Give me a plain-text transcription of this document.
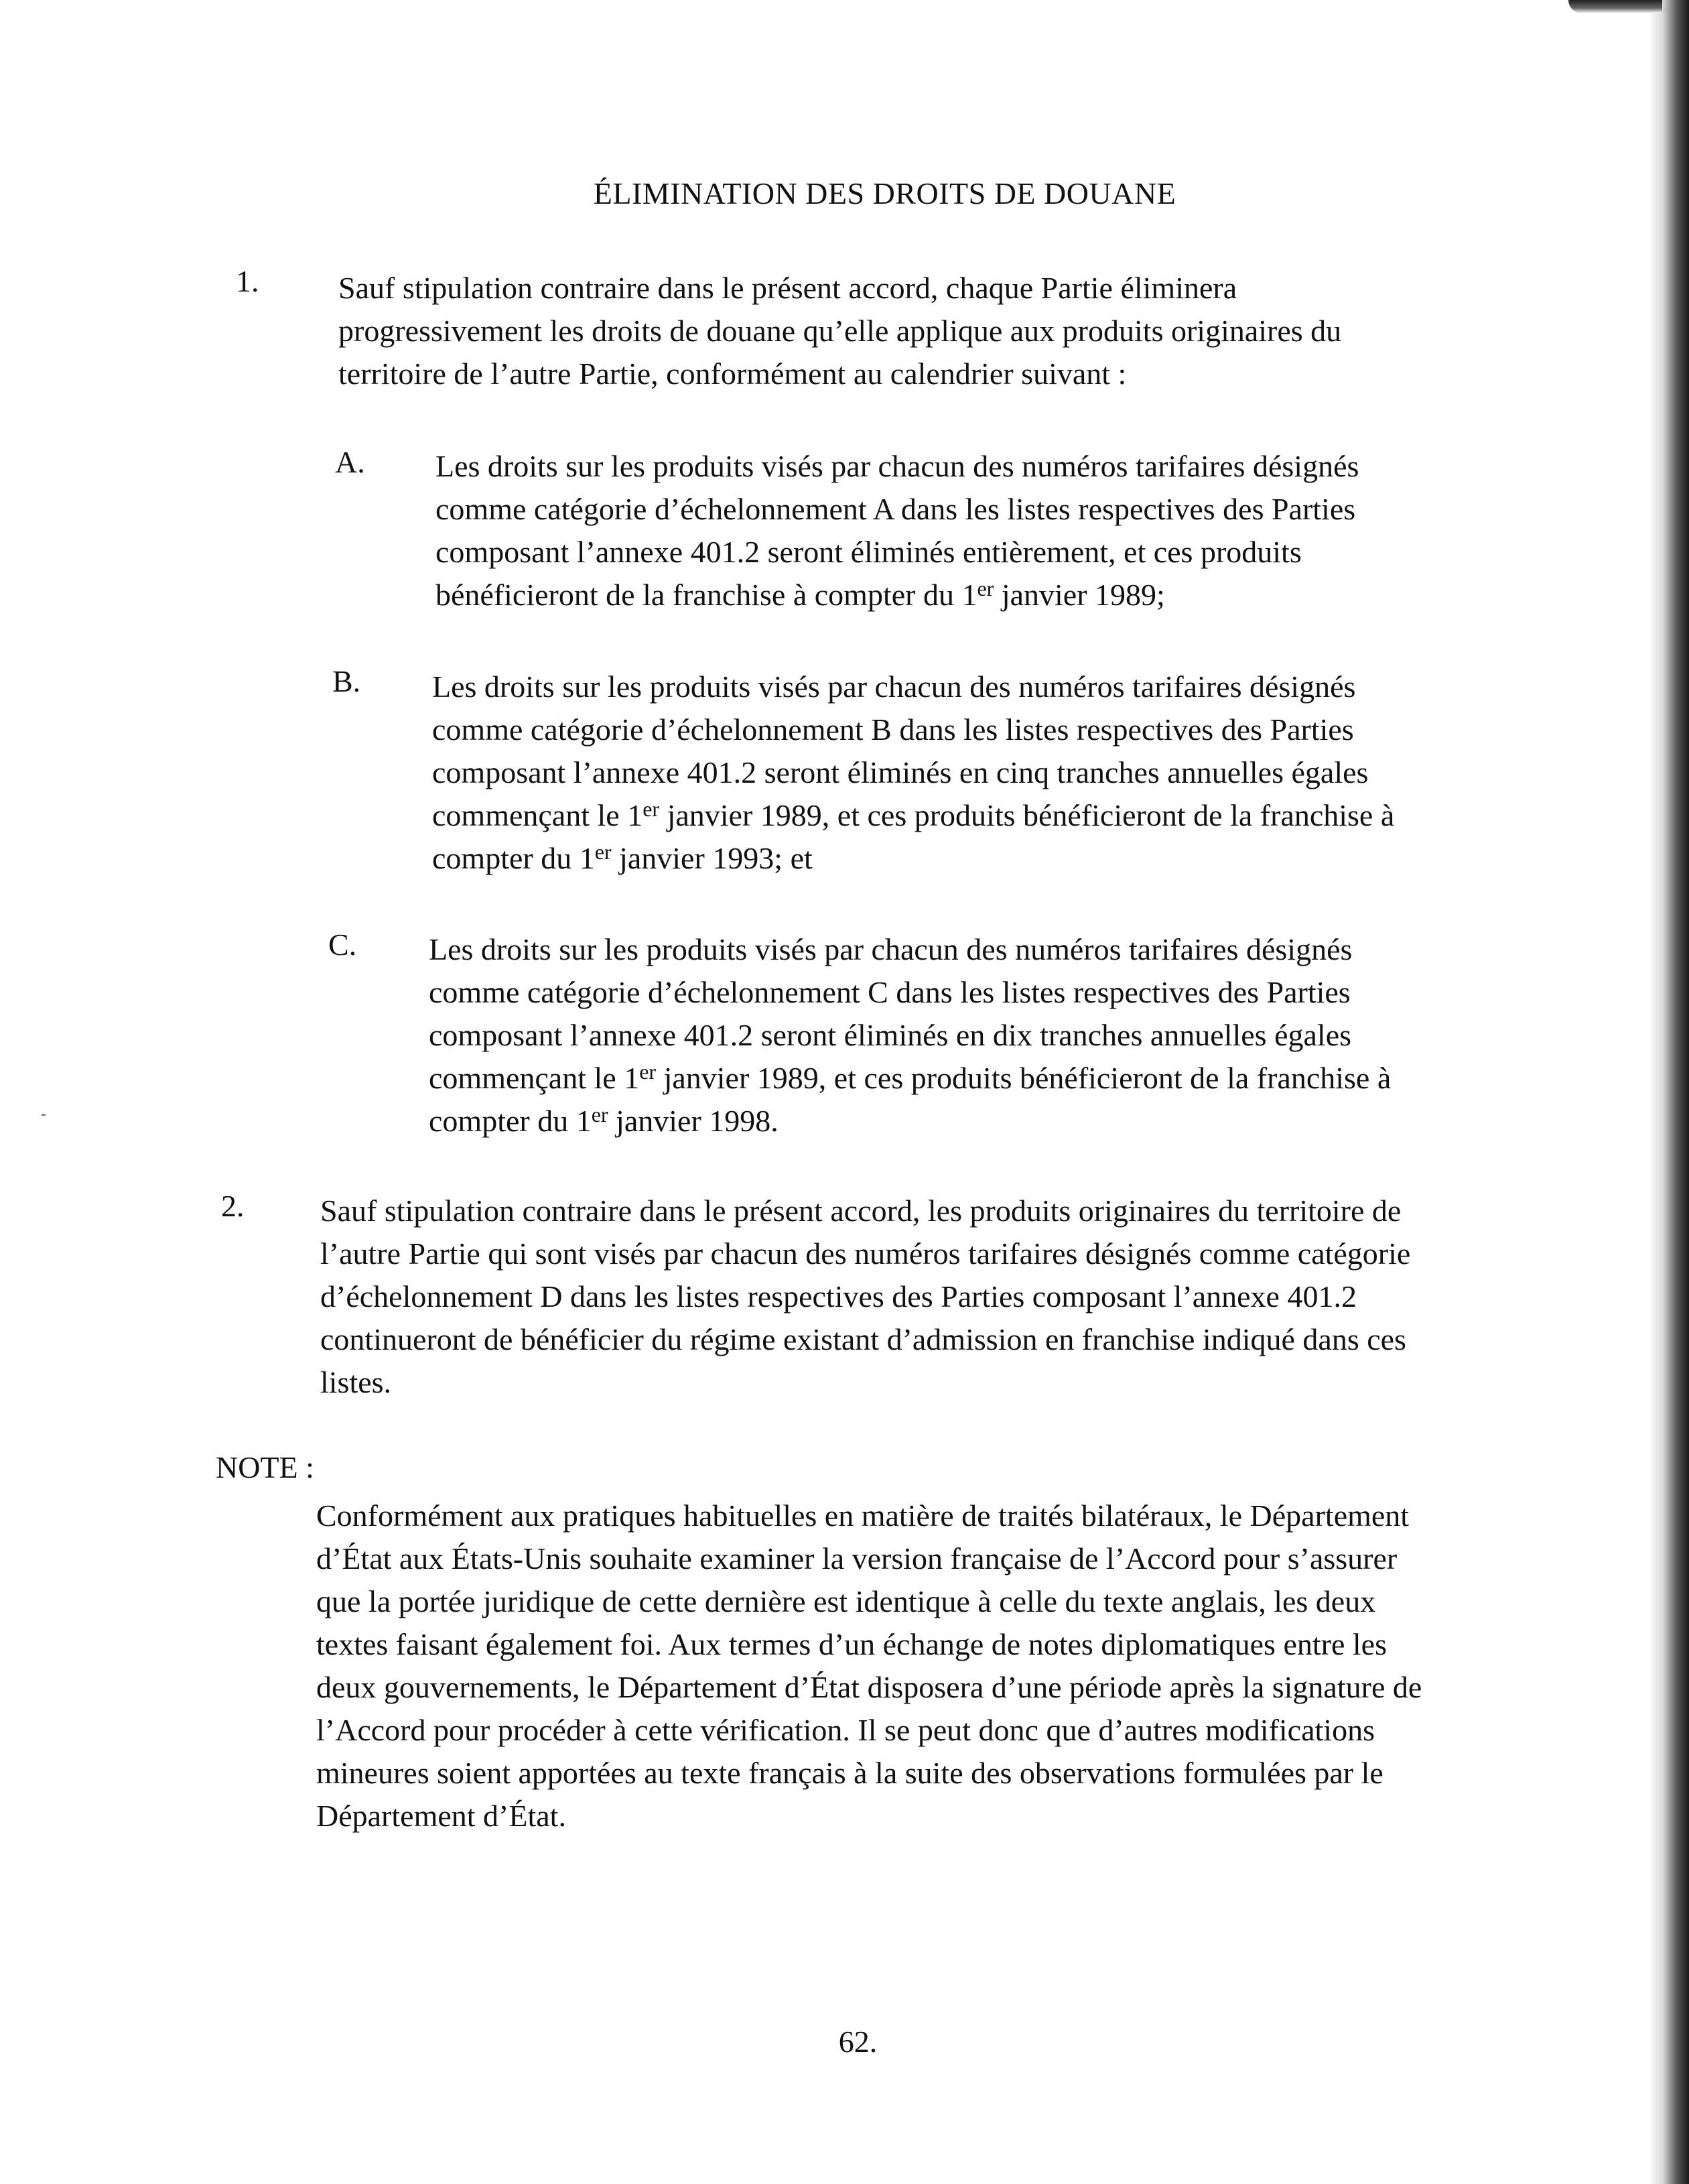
ÉLIMINATION DES DROITS DE DOUANE
1.	Sauf stipulation contraire dans le présent accord, chaque Partie éliminera
progressivement les droits de douane qu’elle applique aux produits originaires du
territoire de l’autre Partie, conformément au calendrier suivant :
A. Les droits sur les produits visés par chacun des numéros tarifaires désignés
comme catégorie d’échelonnement A dans les listes respectives des Parties
composant l’annexe 401.2 seront éliminés entièrement, et ces produits
bénéficieront de la franchise à compter du 1er janvier 1989;
B. Les droits sur les produits visés par chacun des numéros tarifaires désignés
comme catégorie d’échelonnement B dans les listes respectives des Parties
composant l’annexe 401.2 seront éliminés en cinq tranches annuelles égales
commençant le 1er janvier 1989, et ces produits bénéficieront de la franchise à
compter du 1er janvier 1993; et
C. Les droits sur les produits visés par chacun des numéros tarifaires désignés
comme catégorie d’échelonnement C dans les listes respectives des Parties
composant l’annexe 401.2 seront éliminés en dix tranches annuelles égales
commençant le 1er janvier 1989, et ces produits bénéficieront de la franchise à
compter du 1er janvier 1998.
2. Sauf stipulation contraire dans le présent accord, les produits originaires du territoire de
l’autre Partie qui sont visés par chacun des numéros tarifaires désignés comme catégorie
d’échelonnement D dans les listes respectives des Parties composant l’annexe 401.2
continueront de bénéficier du régime existant d’admission en franchise indiqué dans ces
listes.
NOTE :
Conformément aux pratiques habituelles en matière de traités bilatéraux, le Département
d’État aux États-Unis souhaite examiner la version française de l’Accord pour s’assurer
que la portée juridique de cette dernière est identique à celle du texte anglais, les deux
textes faisant également foi. Aux termes d’un échange de notes diplomatiques entre les
deux gouvernements, le Département d’État disposera d’une période après la signature de
l’Accord pour procéder à cette vérification. Il se peut donc que d’autres modifications
mineures soient apportées au texte français à la suite des observations formulées par le
Département d’État.
62.
